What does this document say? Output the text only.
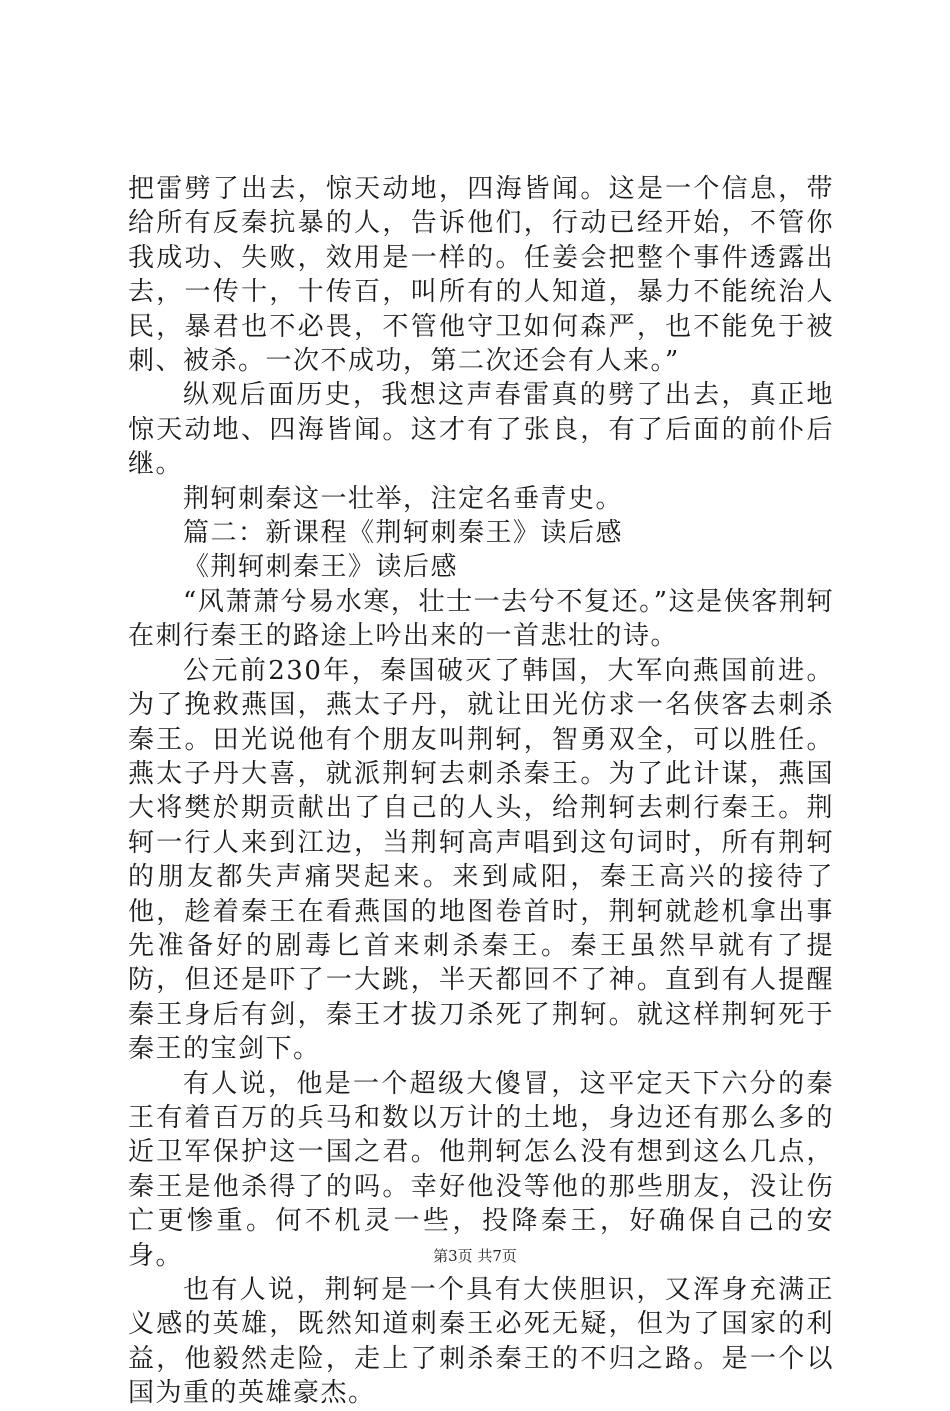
把雷劈了出去，惊天动地，四海皆闻。这是一个信息，带给所有反秦抗暴的人，告诉他们，行动已经开始，不管你我成功、失败，效用是一样的。任姜会把整个事件透露出去，一传十，十传百，叫所有的人知道，暴力不能统治人民，暴君也不必畏，不管他守卫如何森严，也不能免于被刺、被杀。一次不成功，第二次还会有人来。”

纵观后面历史，我想这声春雷真的劈了出去，真正地惊天动地、四海皆闻。这才有了张良，有了后面的前仆后继。

荆轲刺秦这一壮举，注定名垂青史。

篇二：新课程《荆轲刺秦王》读后感

《荆轲刺秦王》读后感

“风萧萧兮易水寒，壮士一去兮不复还。”这是侠客荆轲在刺行秦王的路途上吟出来的一首悲壮的诗。

公元前230年，秦国破灭了韩国，大军向燕国前进。为了挽救燕国，燕太子丹，就让田光仿求一名侠客去刺杀秦王。田光说他有个朋友叫荆轲，智勇双全，可以胜任。燕太子丹大喜，就派荆轲去刺杀秦王。为了此计谋，燕国大将樊於期贡献出了自己的人头，给荆轲去刺行秦王。荆轲一行人来到江边，当荆轲高声唱到这句词时，所有荆轲的朋友都失声痛哭起来。来到咸阳，秦王高兴的接待了他，趁着秦王在看燕国的地图卷首时，荆轲就趁机拿出事先准备好的剧毒匕首来刺杀秦王。秦王虽然早就有了提防，但还是吓了一大跳，半天都回不了神。直到有人提醒秦王身后有剑，秦王才拔刀杀死了荆轲。就这样荆轲死于秦王的宝剑下。

有人说，他是一个超级大傻冒，这平定天下六分的秦王有着百万的兵马和数以万计的土地，身边还有那么多的近卫军保护这一国之君。他荆轲怎么没有想到这么几点，秦王是他杀得了的吗。幸好他没等他的那些朋友，没让伤亡更惨重。何不机灵一些，投降秦王，好确保自己的安身。

也有人说，荆轲是一个具有大侠胆识，又浑身充满正义感的英雄，既然知道刺秦王必死无疑，但为了国家的利益，他毅然走险，走上了刺杀秦王的不归之路。是一个以国为重的英雄豪杰。

第3页 共7页
